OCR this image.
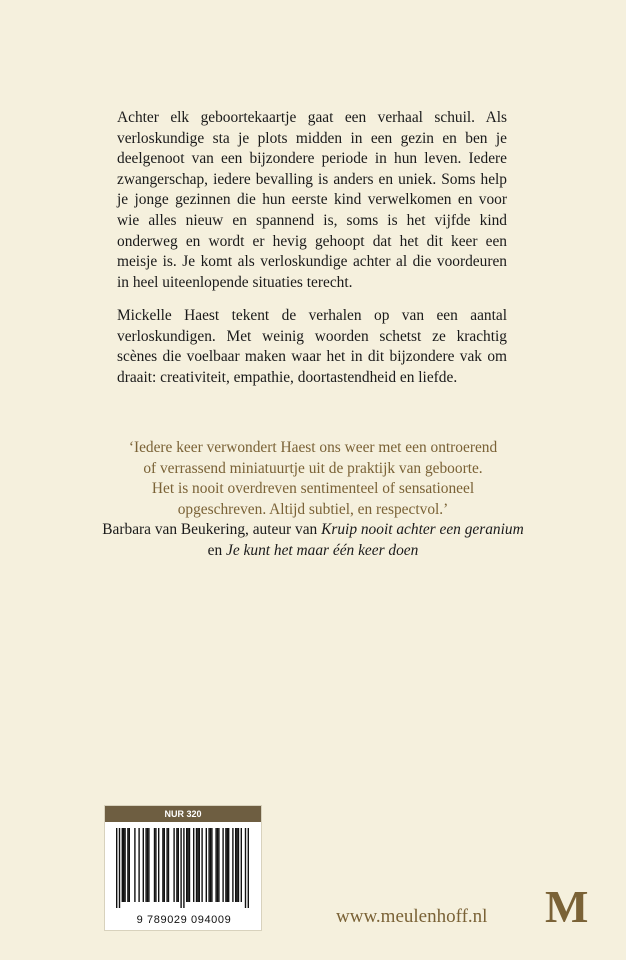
Achter elk geboortekaartje gaat een verhaal schuil. Als verloskundige sta je plots midden in een gezin en ben je deelgenoot van een bijzondere periode in hun leven. Iedere zwangerschap, iedere bevalling is anders en uniek. Soms help je jonge gezinnen die hun eerste kind verwelkomen en voor wie alles nieuw en spannend is, soms is het vijfde kind onderweg en wordt er hevig gehoopt dat het dit keer een meisje is. Je komt als verloskundige achter al die voordeuren in heel uiteenlopende situaties terecht.

Mickelle Haest tekent de verhalen op van een aantal verloskundigen. Met weinig woorden schetst ze krachtig scènes die voelbaar maken waar het in dit bijzondere vak om draait: creativiteit, empathie, doortastendheid en liefde.

‘Iedere keer verwondert Haest ons weer met een ontroerend

of verrassend miniatuurtje uit de praktijk van geboorte.

Het is nooit overdreven sentimenteel of sensationeel

opgeschreven. Altijd subtiel, en respectvol.’

Barbara van Beukering, auteur van Kruip nooit achter een geranium en Je kunt het maar één keer doen

NUR 320
9 789029 094009	www.meulenhoff.nl M
